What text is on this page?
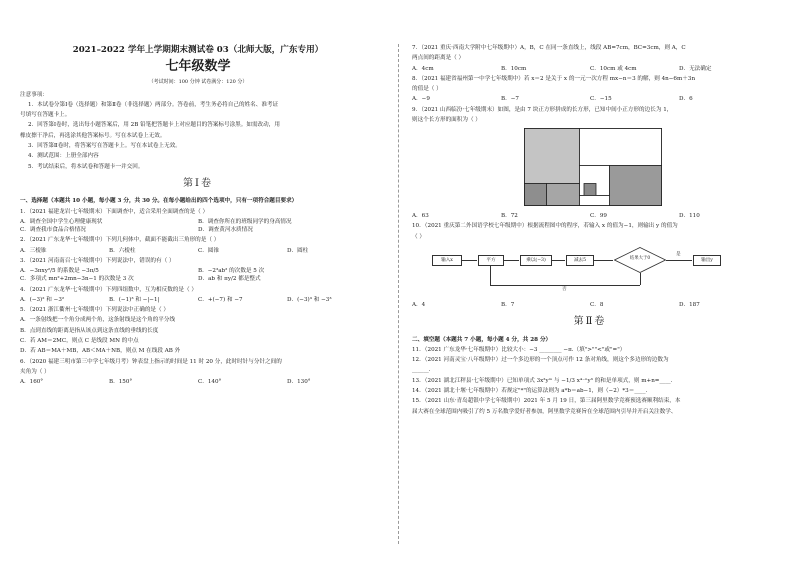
2021–2022 学年上学期期末测试卷 03（北师大版，广东专用）
七年级数学
（考试时间：100 分钟 试卷满分：120 分）
注意事项：
1．本试卷分第Ⅰ卷（选择题）和第Ⅱ卷（非选择题）两部分。答卷前，考生务必将自己的姓名、准考证
号填写在答题卡上。
2．回答第Ⅰ卷时，选出每小题答案后，用 2B 铅笔把答题卡上对应题目的答案标号涂黑。如需改动，用
橡皮擦干净后，再选涂其他答案标号。写在本试卷上无效。
3．回答第Ⅱ卷时，将答案写在答题卡上。写在本试卷上无效。
4．测试范围：上册全部内容
5．考试结束后，将本试卷和答题卡一并交回。
第Ⅰ卷
一、选择题（本题共 10 小题，每小题 3 分，共 30 分。在每小题给出的四个选项中，只有一项符合题目要求）
1．（2021 福建龙岩·七年级期末）下面调查中，适合采用全面调查的是（ ）
A．调查全国中学生心理健康现状	B．调查你所在的班级同学的身高情况
C．调查我市食品合格情况	D．调查黄河水质情况
2．（2021 广东龙华·七年级期中）下列几何体中，截面不能截出三角形的是（ ）
A．三棱锥	B．六棱柱	C．圆锥	D．圆柱
3．（2021 河南南召·七年级期中）下列说法中，错误的有（ ）
A．−3πxy²/5 的系数是 −3π/5	B．−2³ab² 的次数是 5 次
C．多项式 mn²+2mn−3n−1 的次数是 3 次	D．ab 和 πy/2 都是整式
4．（2021 广东龙华·七年级期中）下列四组数中，互为相反数的是（ ）
A．(−3)² 和 −3²	B．(−1)³ 和 −|−1|	C．+(−7) 和 −7	D．(−3)³ 和 −3³
5．（2021 浙江衢州·七年级期中）下列说法中正确的是（ ）
A．一条射线把一个角分成两个角，这条射线是这个角的平分线
B．点到直线的距离是指从该点到这条直线的垂线的长度
C．若 AM＝2MC，则点 C 是线段 MN 的中点
D．若 AB＝MA＋MB，AB＜MA＋NB，则点 M 在线段 AB 外
6．（2020 福建三明市第三中学七年级月考）钟表盘上指示的时间是 11 时 20 分，此时时针与分针之间的
夹角为（ ）
A．160°	B．150°	C．140°	D．130°
7．（2021 重庆·西南大学附中七年级期中）A，B，C 在同一条直线上，线段 AB=7cm，BC=3cm，则 A，C
两点间的距离是（ ）
A．4cm	B．10cm	C．10cm 或 4cm	D．无法确定
8．（2021 福建省福州第一中学七年级期中）若 x＝2 是关于 x 的一元一次方程 mx−n＝3 的解，则 4n−6m＋3n
的值是（ ）
A．−9	B．−7	C．−15	D．6
9．（2021 山西临汾·七年级期末）如图，是由 7 块正方形拼成的长方形，已知中间小正方形的边长为 1，
则这个长方形的面积为（ ）
A．63	B．72	C．99	D．110
10．（2021 重庆第二外国语学校七年级期中）根据流程图中的程序，若输入 x 的值为−1，则输出 y 的值为
（ ）
输入x	平方	乘以(−3)	减去5	结果大于0
是
输出y
否
A．4	B．7	C．8	D．187
第Ⅱ卷
二、填空题（本题共 7 小题，每小题 4 分，共 28 分）
11．（2021 广东龙华·七年级期中）比较大小：−3 ________ −π.（填">""<"或"="）
12．（2021 河南灵宝·八年级期中）过一个多边形的一个顶点可作 12 条对角线，则这个多边形的边数为
______.
13．（2021 湖北江秤县·七年级期中）已知单项式 3x²yᵐ 与 −1/3 x⁴⁻ⁿy³ 的和是单项式，则 m+n=____.
14．（2021 湖北十堰·七年级期中）若规定"*"的运算法则为 a*b＝ab−1，则（−2）*3＝____.
15．（2021 山东·青岛超银中学七年级期中）2021 年 5 月 19 日，第三届阿里数学竞赛预选赛顺利结束，本
届大赛在全球范围内吸引了约 5 万名数学爱好者参加，阿里数学竞赛旨在全球范围内引导并开启关注数学、
